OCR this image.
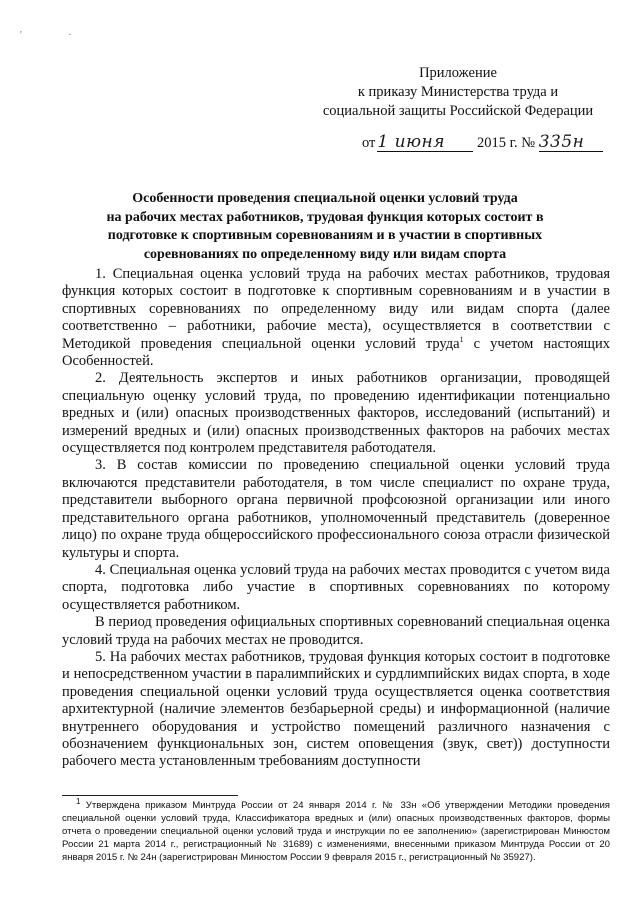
' ·
Приложение
к приказу Министерства труда и
социальной защиты Российской Федерации
от 1 июня 2015 г. № 335н
Особенности проведения специальной оценки условий труда
на рабочих местах работников, трудовая функция которых состоит в
подготовке к спортивным соревнованиям и в участии в спортивных
соревнованиях по определенному виду или видам спорта

1. Специальная оценка условий труда на рабочих местах работников, трудовая функция которых состоит в подготовке к спортивным соревнованиям и в участии в спортивных соревнованиях по определенному виду или видам спорта (далее соответственно – работники, рабочие места), осуществляется в соответствии с Методикой проведения специальной оценки условий труда$^1$ с учетом настоящих Особенностей.

2. Деятельность экспертов и иных работников организации, проводящей специальную оценку условий труда, по проведению идентификации потенциально вредных и (или) опасных производственных факторов, исследований (испытаний) и измерений вредных и (или) опасных производственных факторов на рабочих местах осуществляется под контролем представителя работодателя.

3. В состав комиссии по проведению специальной оценки условий труда включаются представители работодателя, в том числе специалист по охране труда, представители выборного органа первичной профсоюзной организации или иного представительного органа работников, уполномоченный представитель (доверенное лицо) по охране труда общероссийского профессионального союза отрасли физической культуры и спорта.

4. Специальная оценка условий труда на рабочих местах проводится с учетом вида спорта, подготовка либо участие в спортивных соревнованиях по которому осуществляется работником.

В период проведения официальных спортивных соревнований специальная оценка условий труда на рабочих местах не проводится.

5. На рабочих местах работников, трудовая функция которых состоит в подготовке и непосредственном участии в паралимпийских и сурдлимпийских видах спорта, в ходе проведения специальной оценки условий труда осуществляется оценка соответствия архитектурной (наличие элементов безбарьерной среды) и информационной (наличие внутреннего оборудования и устройство помещений различного назначения с обозначением функциональных зон, систем оповещения (звук, свет)) доступности рабочего места установленным требованиям доступности

$^1$ Утверждена приказом Минтруда России от 24 января 2014 г. № 33н «Об утверждении Методики проведения специальной оценки условий труда, Классификатора вредных и (или) опасных производственных факторов, формы отчета о проведении специальной оценки условий труда и инструкции по ее заполнению» (зарегистрирован Минюстом России 21 марта 2014 г., регистрационный № 31689) с изменениями, внесенными приказом Минтруда России от 20 января 2015 г. № 24н (зарегистрирован Минюстом России 9 февраля 2015 г., регистрационный № 35927).
